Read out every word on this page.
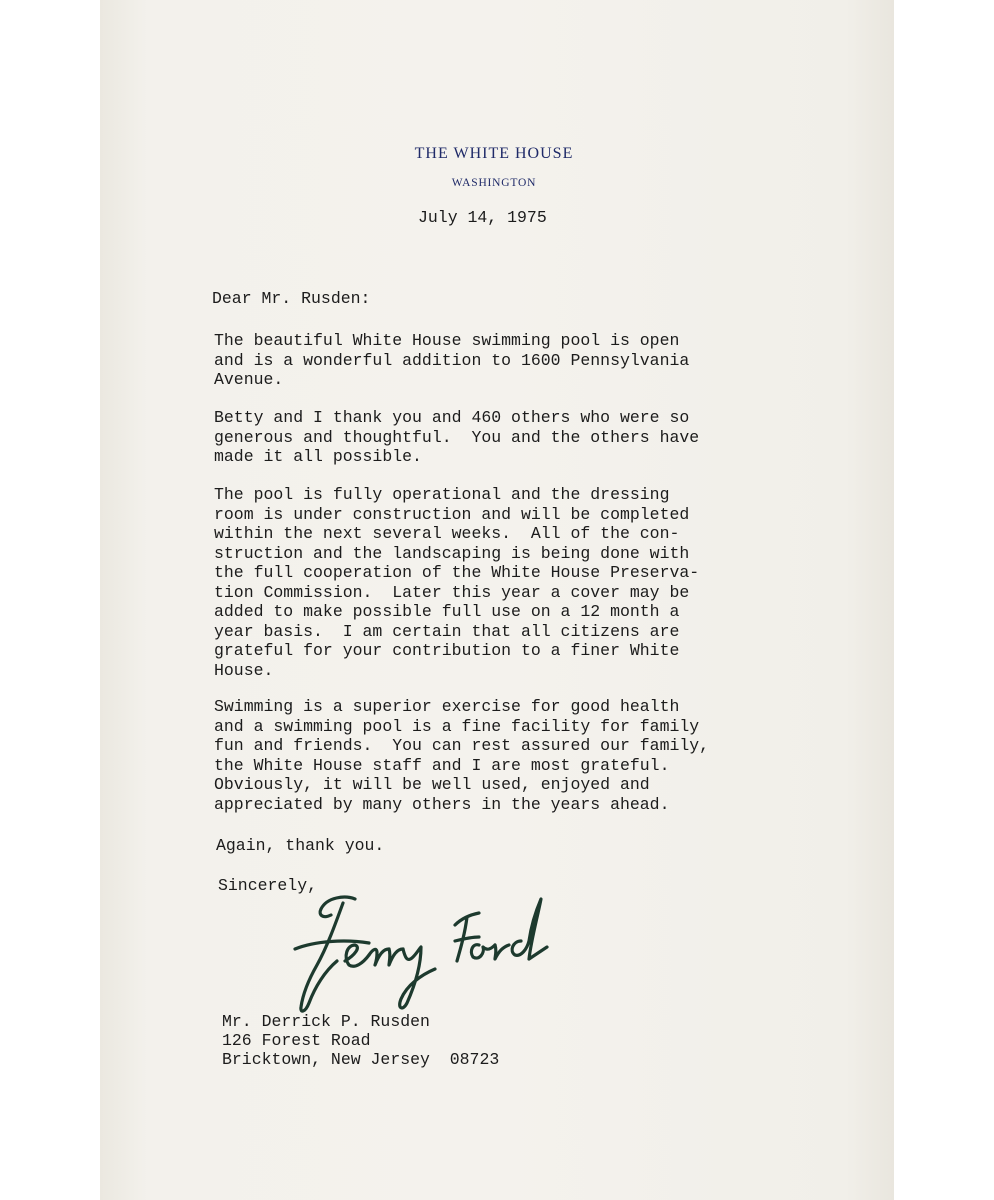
THE WHITE HOUSE
WASHINGTON
July 14, 1975
Dear Mr. Rusden:
The beautiful White House swimming pool is open
and is a wonderful addition to 1600 Pennsylvania
Avenue.
Betty and I thank you and 460 others who were so
generous and thoughtful.  You and the others have
made it all possible.
The pool is fully operational and the dressing
room is under construction and will be completed
within the next several weeks.  All of the con-
struction and the landscaping is being done with
the full cooperation of the White House Preserva-
tion Commission.  Later this year a cover may be
added to make possible full use on a 12 month a
year basis.  I am certain that all citizens are
grateful for your contribution to a finer White
House.
Swimming is a superior exercise for good health
and a swimming pool is a fine facility for family
fun and friends.  You can rest assured our family,
the White House staff and I are most grateful.
Obviously, it will be well used, enjoyed and
appreciated by many others in the years ahead.
Again, thank you.
Sincerely,
Mr. Derrick P. Rusden
126 Forest Road
Bricktown, New Jersey  08723
